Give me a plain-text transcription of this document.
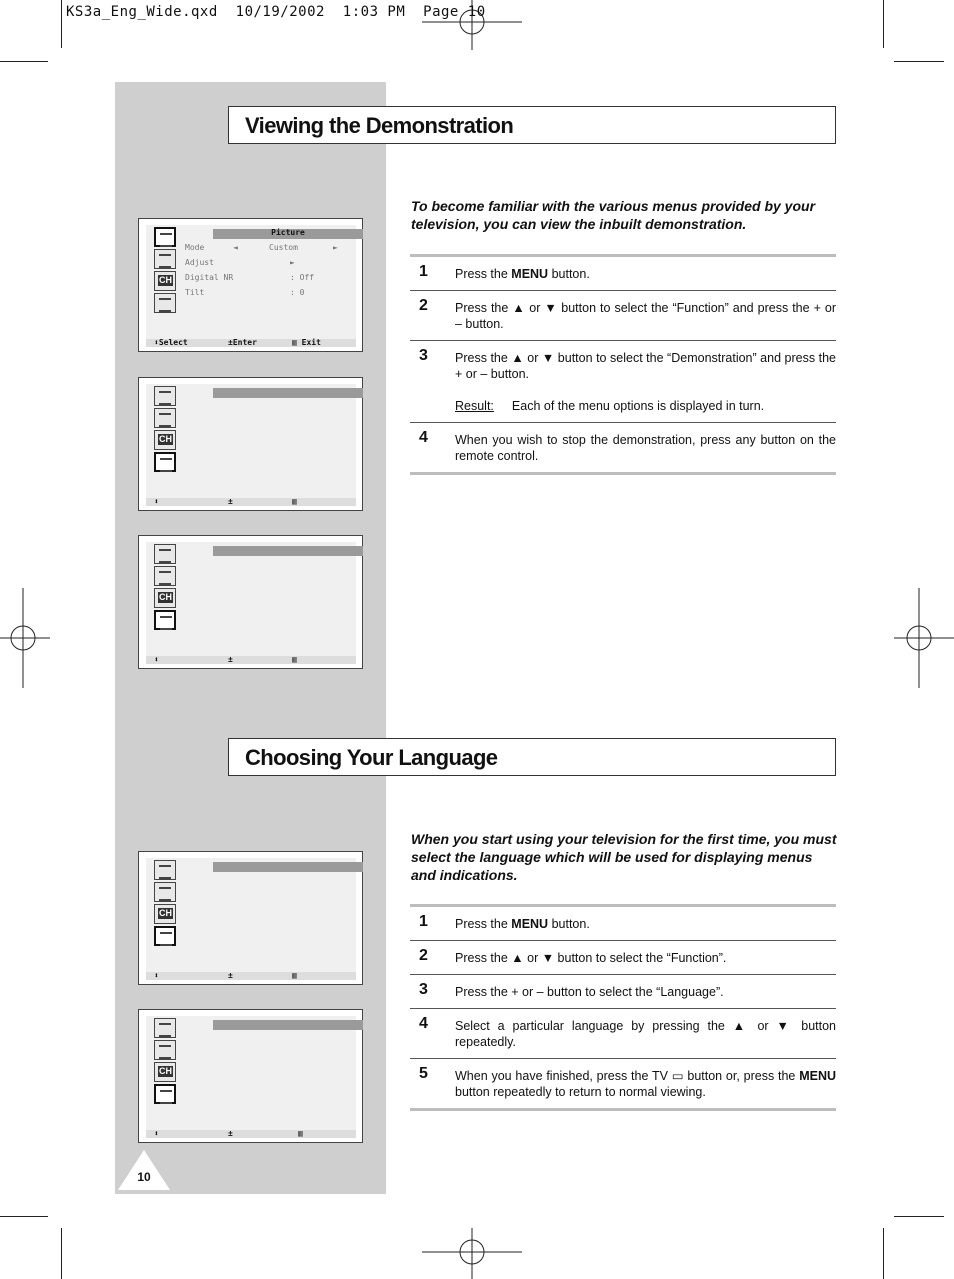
KS3a_Eng_Wide.qxd  10/19/2002  1:03 PM  Page 10
Viewing the Demonstration
To become familiar with the various menus provided by your television, you can view the inbuilt demonstration.
1 Press the MENU button.
2 Press the ▲ or ▼ button to select the “Function” and press the + or – button.
3 Press the ▲ or ▼ button to select the “Demonstration” and press the + or – button.
Result: Each of the menu options is displayed in turn.
4 When you wish to stop the demonstration, press any button on the remote control.
Choosing Your Language
When you start using your television for the first time, you must select the language which will be used for displaying menus and indications.
1 Press the MENU button.
2 Press the ▲ or ▼ button to select the “Function”.
3 Press the + or – button to select the “Language”.
4 Select a particular language by pressing the ▲ or ▼ button repeatedly.
5 When you have finished, press the TV ▭ button or, press the MENU button repeatedly to return to normal viewing.
CH
Picture
Mode	◄	Custom	►
Adjust	►
Digital NR	: Off
Tilt	: 0
⬍Select	±Enter	▥ Exit
CH
⬍	±	▥
CH
⬍	±	▥
CH
⬍	±	▥
CH
⬍	±	▥
10
